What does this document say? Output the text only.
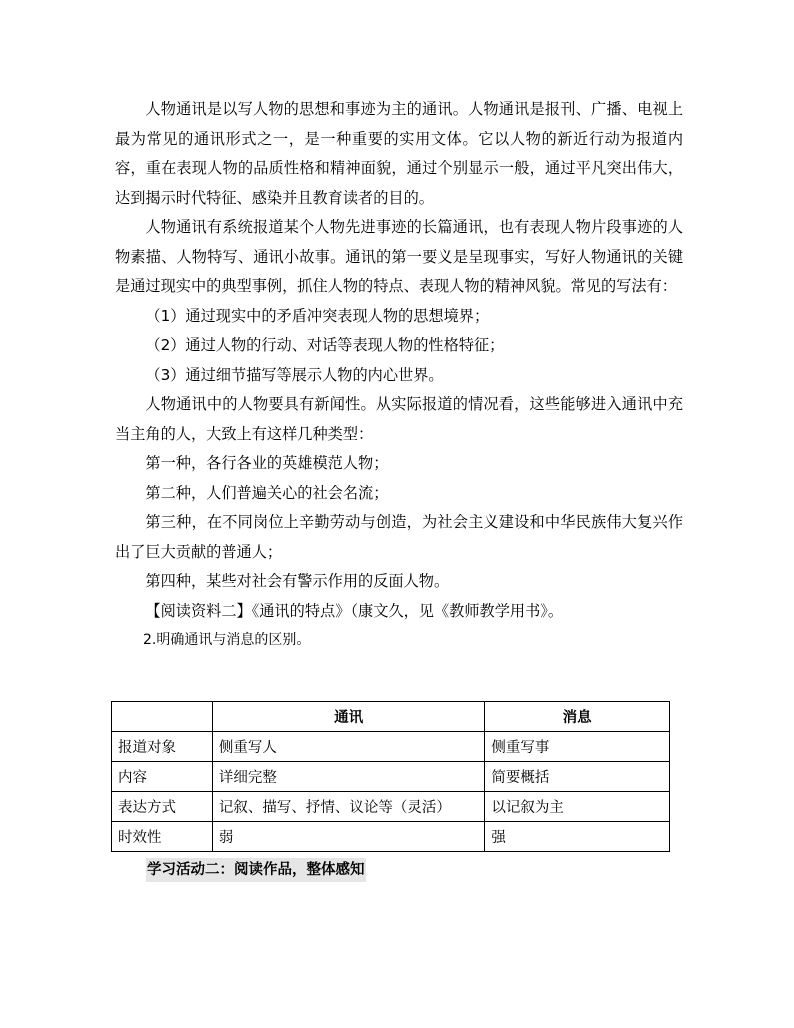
人物通讯是以写人物的思想和事迹为主的通讯。人物通讯是报刊、广播、电视上最为常见的通讯形式之一，是一种重要的实用文体。它以人物的新近行动为报道内容，重在表现人物的品质性格和精神面貌，通过个别显示一般，通过平凡突出伟大，达到揭示时代特征、感染并且教育读者的目的。

人物通讯有系统报道某个人物先进事迹的长篇通讯，也有表现人物片段事迹的人物素描、人物特写、通讯小故事。通讯的第一要义是呈现事实，写好人物通讯的关键是通过现实中的典型事例，抓住人物的特点、表现人物的精神风貌。常见的写法有：

（1）通过现实中的矛盾冲突表现人物的思想境界；

（2）通过人物的行动、对话等表现人物的性格特征；

（3）通过细节描写等展示人物的内心世界。

人物通讯中的人物要具有新闻性。从实际报道的情况看，这些能够进入通讯中充当主角的人，大致上有这样几种类型：

第一种，各行各业的英雄模范人物；

第二种，人们普遍关心的社会名流；

第三种，在不同岗位上辛勤劳动与创造，为社会主义建设和中华民族伟大复兴作出了巨大贡献的普通人；

第四种，某些对社会有警示作用的反面人物。

【阅读资料二】《通讯的特点》（康文久，见《教师教学用书》。

2.明确通讯与消息的区别。

	通讯	消息
报道对象	侧重写人	侧重写事
内容	详细完整	简要概括
表达方式	记叙、描写、抒情、议论等（灵活）	以记叙为主
时效性	弱	强
学习活动二：阅读作品，整体感知
